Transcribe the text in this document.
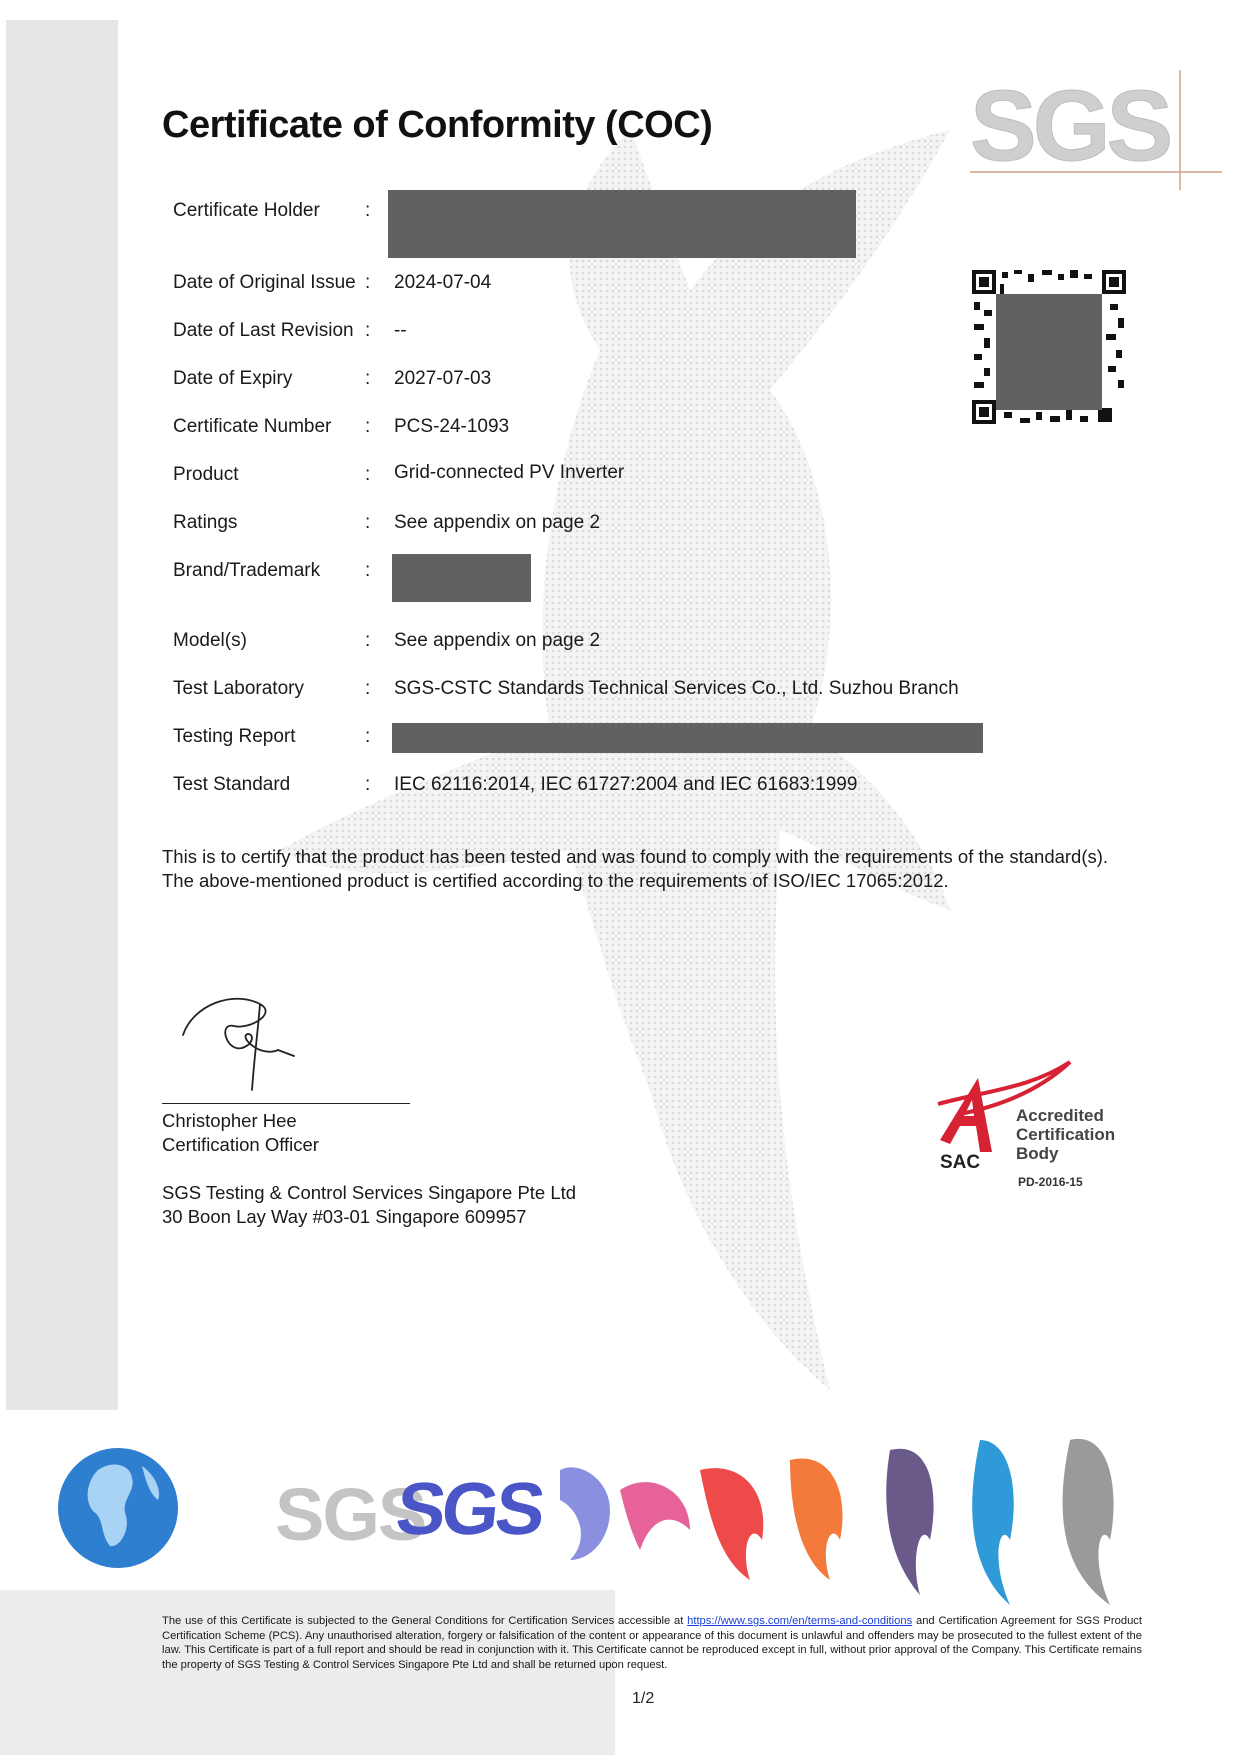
SGS
Certificate of Conformity (COC)
Certificate Holder :
Date of Original Issue : 2024-07-04
Date of Last Revision : --
Date of Expiry	: 2027-07-03
Certificate Number : PCS-24-1093
Product	: Grid-connected PV Inverter
Ratings	: See appendix on page 2
Brand/Trademark :
Model(s)	: See appendix on page 2
Test Laboratory	: SGS-CSTC Standards Technical Services Co., Ltd. Suzhou Branch
Testing Report	:
Test Standard	: IEC 62116:2014, IEC 61727:2004 and IEC 61683:1999
This is to certify that the product has been tested and was found to comply with the requirements of the standard(s).
The above-mentioned product is certified according to the requirements of ISO/IEC 17065:2012.
Christopher Hee
Certification Officer
SGS Testing & Control Services Singapore Pte Ltd
30 Boon Lay Way #03-01 Singapore 609957
SAC
Accredited
Certification
Body
PD-2016-15
SGS
SGS
The use of this Certificate is subjected to the General Conditions for Certification Services accessible at https://www.sgs.com/en/terms-and-conditions and Certification Agreement for SGS Product Certification Scheme (PCS). Any unauthorised alteration, forgery or falsification of the content or appearance of this document is unlawful and offenders may be prosecuted to the fullest extent of the law. This Certificate is part of a full report and should be read in conjunction with it. This Certificate cannot be reproduced except in full, without prior approval of the Company. This Certificate remains the property of SGS Testing & Control Services Singapore Pte Ltd and shall be returned upon request.
1/2
